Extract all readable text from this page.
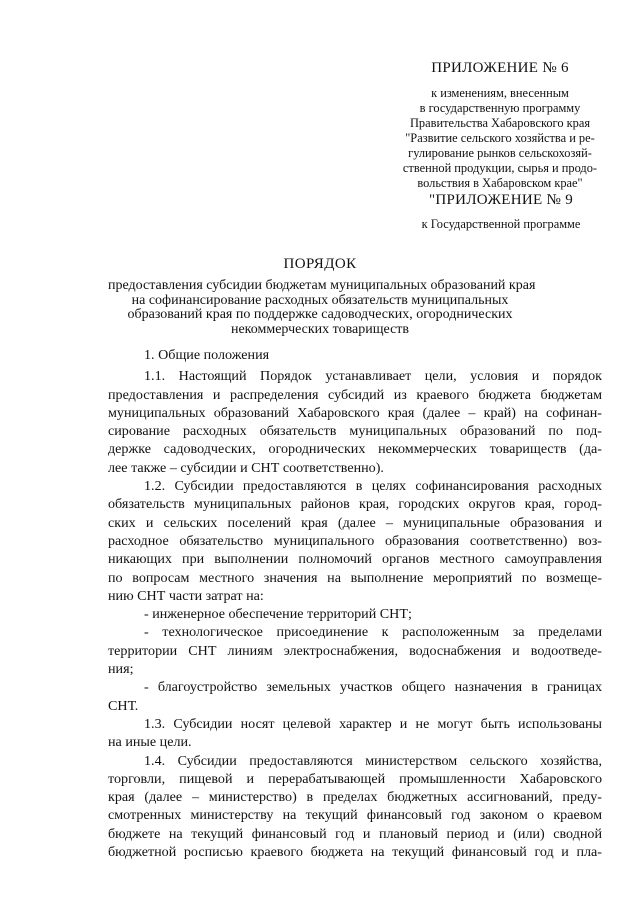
ПРИЛОЖЕНИЕ № 6
к изменениям, внесенным
в государственную программу
Правительства Хабаровского края
"Развитие сельского хозяйства и ре-
гулирование рынков сельскохозяй-
ственной продукции, сырья и продо-
вольствия в Хабаровском крае"
"ПРИЛОЖЕНИЕ № 9
к Государственной программе
ПОРЯДОК
предоставления субсидии бюджетам муниципальных образований края
на софинансирование расходных обязательств муниципальных
образований края по поддержке садоводческих, огороднических
некоммерческих товариществ
1. Общие положения
1.1. Настоящий Порядок устанавливает цели, условия и порядок
предоставления и распределения субсидий из краевого бюджета бюджетам
муниципальных образований Хабаровского края (далее – край) на софинан-
сирование расходных обязательств муниципальных образований по под-
держке садоводческих, огороднических некоммерческих товариществ (да-
лее также – субсидии и СНТ соответственно).
1.2. Субсидии предоставляются в целях софинансирования расходных
обязательств муниципальных районов края, городских округов края, город-
ских и сельских поселений края (далее – муниципальные образования и
расходное обязательство муниципального образования соответственно) воз-
никающих при выполнении полномочий органов местного самоуправления
по вопросам местного значения на выполнение мероприятий по возмеще-
нию СНТ части затрат на:
- инженерное обеспечение территорий СНТ;
- технологическое присоединение к расположенным за пределами
территории СНТ линиям электроснабжения, водоснабжения и водоотведе-
ния;
- благоустройство земельных участков общего назначения в границах
СНТ.
1.3. Субсидии носят целевой характер и не могут быть использованы
на иные цели.
1.4. Субсидии предоставляются министерством сельского хозяйства,
торговли, пищевой и перерабатывающей промышленности Хабаровского
края (далее – министерство) в пределах бюджетных ассигнований, преду-
смотренных министерству на текущий финансовый год законом о краевом
бюджете на текущий финансовый год и плановый период и (или) сводной
бюджетной росписью краевого бюджета на текущий финансовый год и пла-
